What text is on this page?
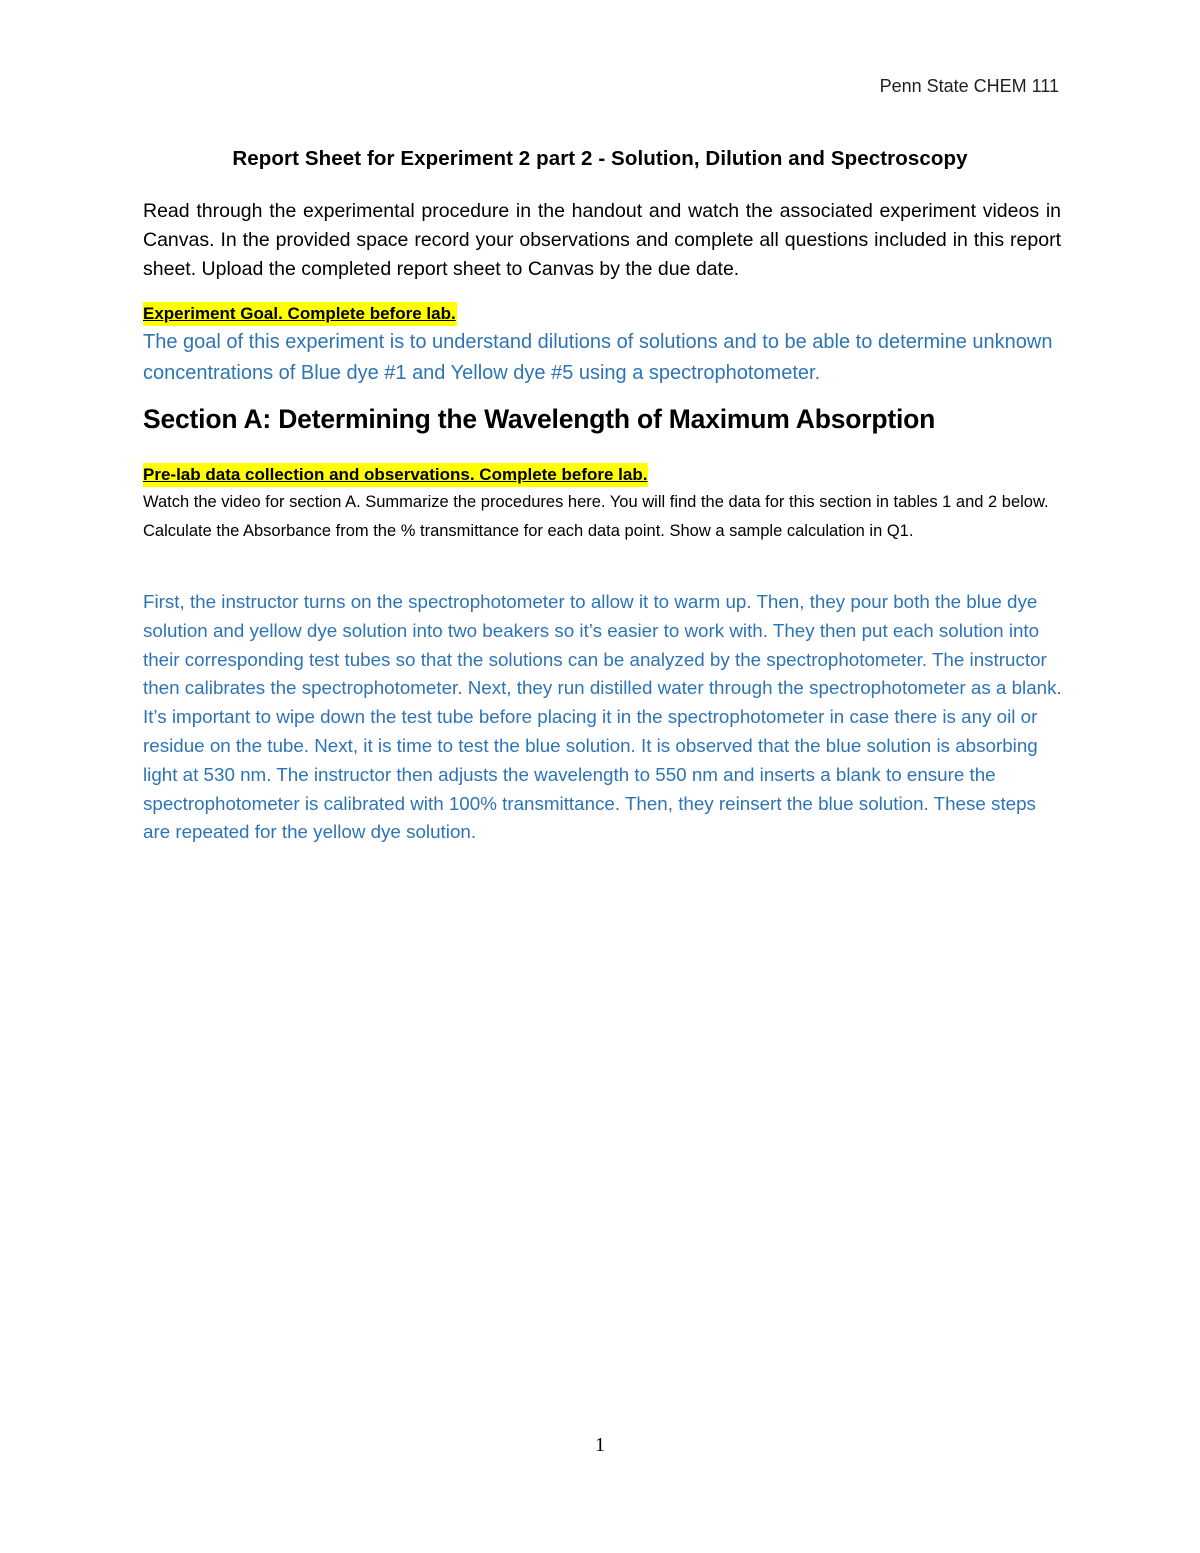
Penn State CHEM 111
Report Sheet for Experiment 2 part 2 - Solution, Dilution and Spectroscopy
Read through the experimental procedure in the handout and watch the associated experiment videos in Canvas. In the provided space record your observations and complete all questions included in this report sheet. Upload the completed report sheet to Canvas by the due date.
Experiment Goal. Complete before lab.
The goal of this experiment is to understand dilutions of solutions and to be able to determine unknown concentrations of Blue dye #1 and Yellow dye #5 using a spectrophotometer.
Section A: Determining the Wavelength of Maximum Absorption
Pre-lab data collection and observations. Complete before lab.
Watch the video for section A. Summarize the procedures here. You will find the data for this section in tables 1 and 2 below. Calculate the Absorbance from the % transmittance for each data point. Show a sample calculation in Q1.
First, the instructor turns on the spectrophotometer to allow it to warm up. Then, they pour both the blue dye solution and yellow dye solution into two beakers so it’s easier to work with. They then put each solution into their corresponding test tubes so that the solutions can be analyzed by the spectrophotometer. The instructor then calibrates the spectrophotometer. Next, they run distilled water through the spectrophotometer as a blank. It’s important to wipe down the test tube before placing it in the spectrophotometer in case there is any oil or residue on the tube. Next, it is time to test the blue solution. It is observed that the blue solution is absorbing light at 530 nm. The instructor then adjusts the wavelength to 550 nm and inserts a blank to ensure the spectrophotometer is calibrated with 100% transmittance. Then, they reinsert the blue solution. These steps are repeated for the yellow dye solution.
1
